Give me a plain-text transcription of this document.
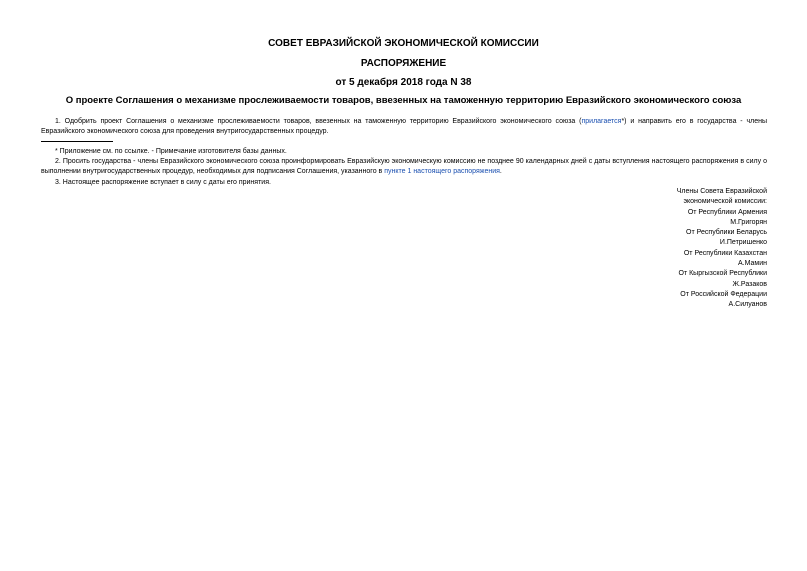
СОВЕТ ЕВРАЗИЙСКОЙ ЭКОНОМИЧЕСКОЙ КОМИССИИ
РАСПОРЯЖЕНИЕ
от 5 декабря 2018 года N 38
О проекте Соглашения о механизме прослеживаемости товаров, ввезенных на таможенную территорию Евразийского экономического союза
1. Одобрить проект Соглашения о механизме прослеживаемости товаров, ввезенных на таможенную территорию Евразийского экономического союза (прилагается*) и направить его в государства - члены Евразийского экономического союза для проведения внутригосударственных процедур.
* Приложение см. по ссылке. - Примечание изготовителя базы данных.
2. Просить государства - члены Евразийского экономического союза проинформировать Евразийскую экономическую комиссию не позднее 90 календарных дней с даты вступления настоящего распоряжения в силу о выполнении внутригосударственных процедур, необходимых для подписания Соглашения, указанного в пункте 1 настоящего распоряжения.
3. Настоящее распоряжение вступает в силу с даты его принятия.
Члены Совета Евразийской
экономической комиссии:
От Республики Армения
М.Григорян
От Республики Беларусь
И.Петришенко
От Республики Казахстан
А.Мамин
От Кыргызской Республики
Ж.Разаков
От Российской Федерации
А.Силуанов
